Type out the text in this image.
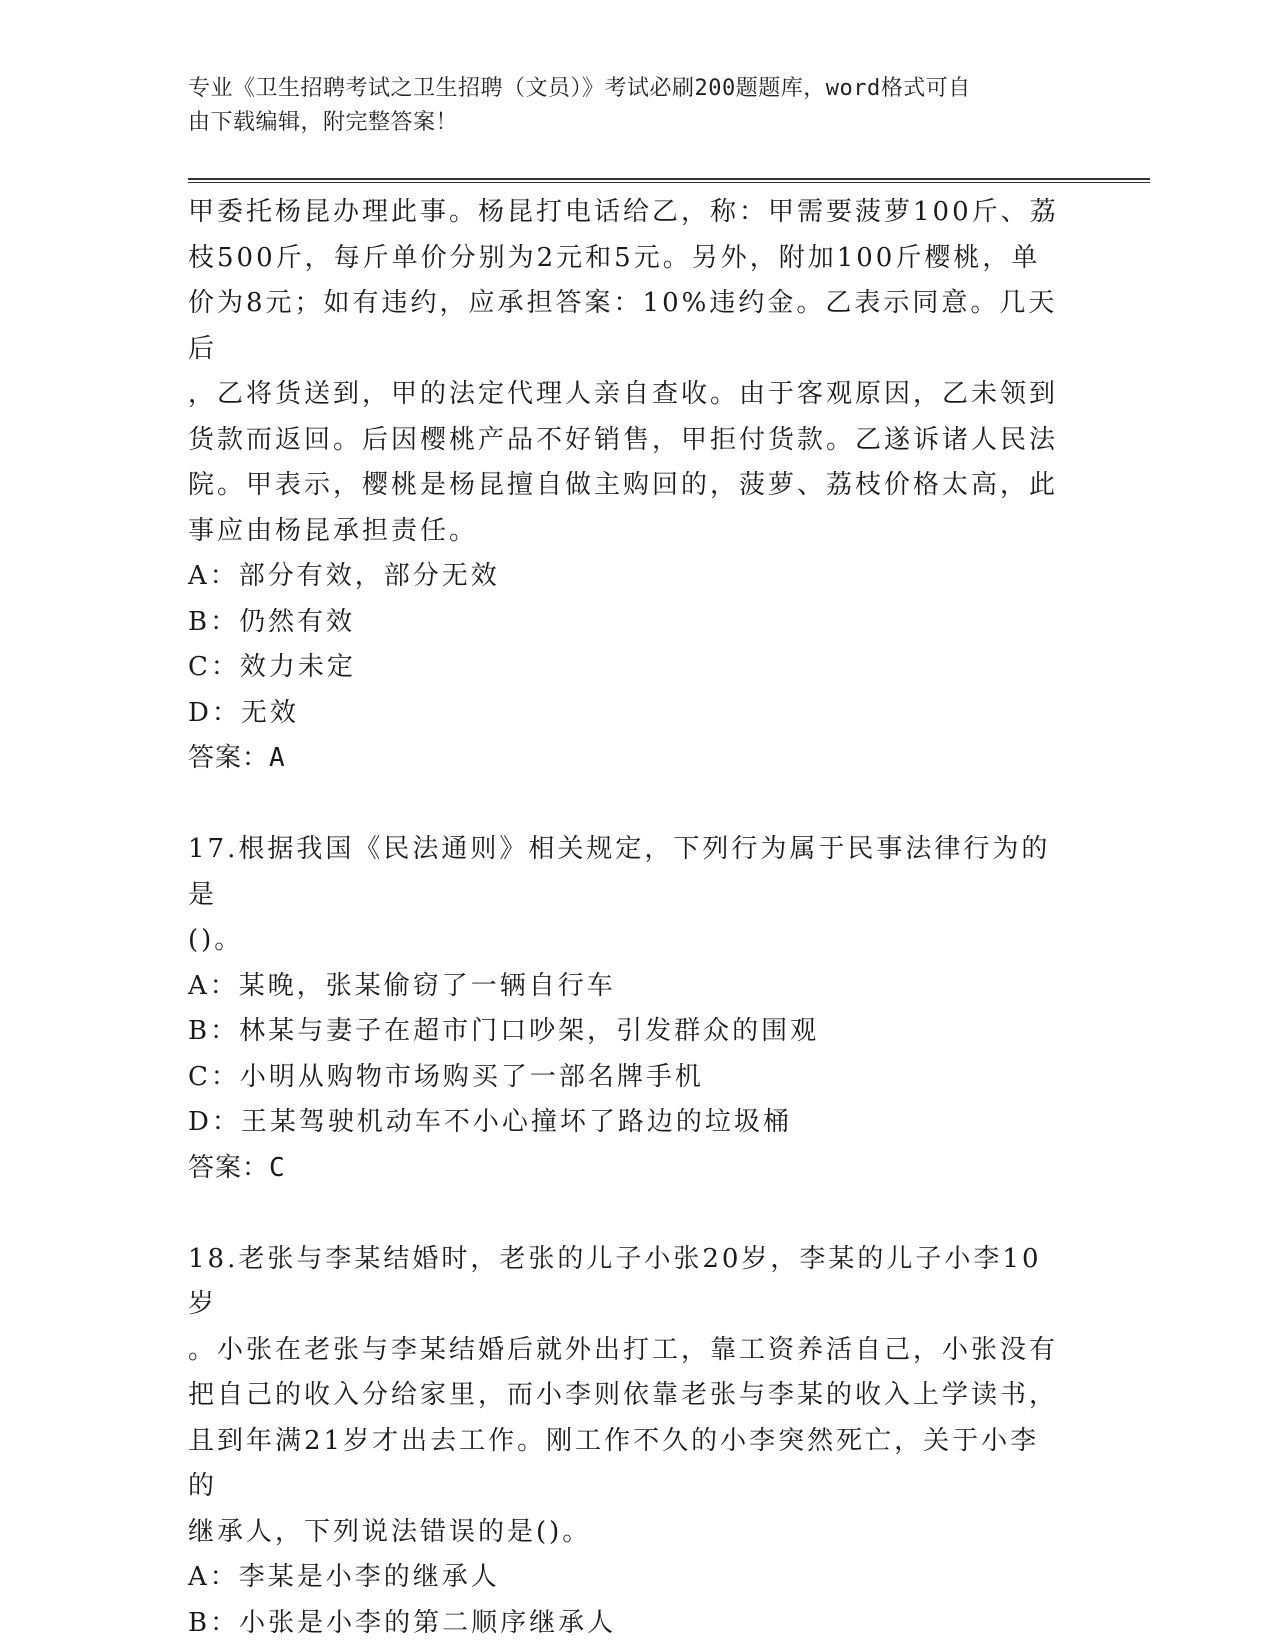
专业《卫生招聘考试之卫生招聘（文员）》考试必刷200题题库，word格式可自
由下载编辑，附完整答案！

甲委托杨昆办理此事。杨昆打电话给乙，称：甲需要菠萝100斤、荔

枝500斤，每斤单价分别为2元和5元。另外，附加100斤樱桃，单

价为8元；如有违约，应承担答案：10%违约金。乙表示同意。几天后

，乙将货送到，甲的法定代理人亲自查收。由于客观原因，乙未领到

货款而返回。后因樱桃产品不好销售，甲拒付货款。乙遂诉诸人民法

院。甲表示，樱桃是杨昆擅自做主购回的，菠萝、荔枝价格太高，此

事应由杨昆承担责任。

A：部分有效，部分无效

B：仍然有效

C：效力未定

D：无效

答案：A

17.根据我国《民法通则》相关规定，下列行为属于民事法律行为的是

()。

A：某晚，张某偷窃了一辆自行车

B：林某与妻子在超市门口吵架，引发群众的围观

C：小明从购物市场购买了一部名牌手机

D：王某驾驶机动车不小心撞坏了路边的垃圾桶

答案：C

18.老张与李某结婚时，老张的儿子小张20岁，李某的儿子小李10岁

。小张在老张与李某结婚后就外出打工，靠工资养活自己，小张没有

把自己的收入分给家里，而小李则依靠老张与李某的收入上学读书，

且到年满21岁才出去工作。刚工作不久的小李突然死亡，关于小李的

继承人，下列说法错误的是()。

A：李某是小李的继承人

B：小张是小李的第二顺序继承人
